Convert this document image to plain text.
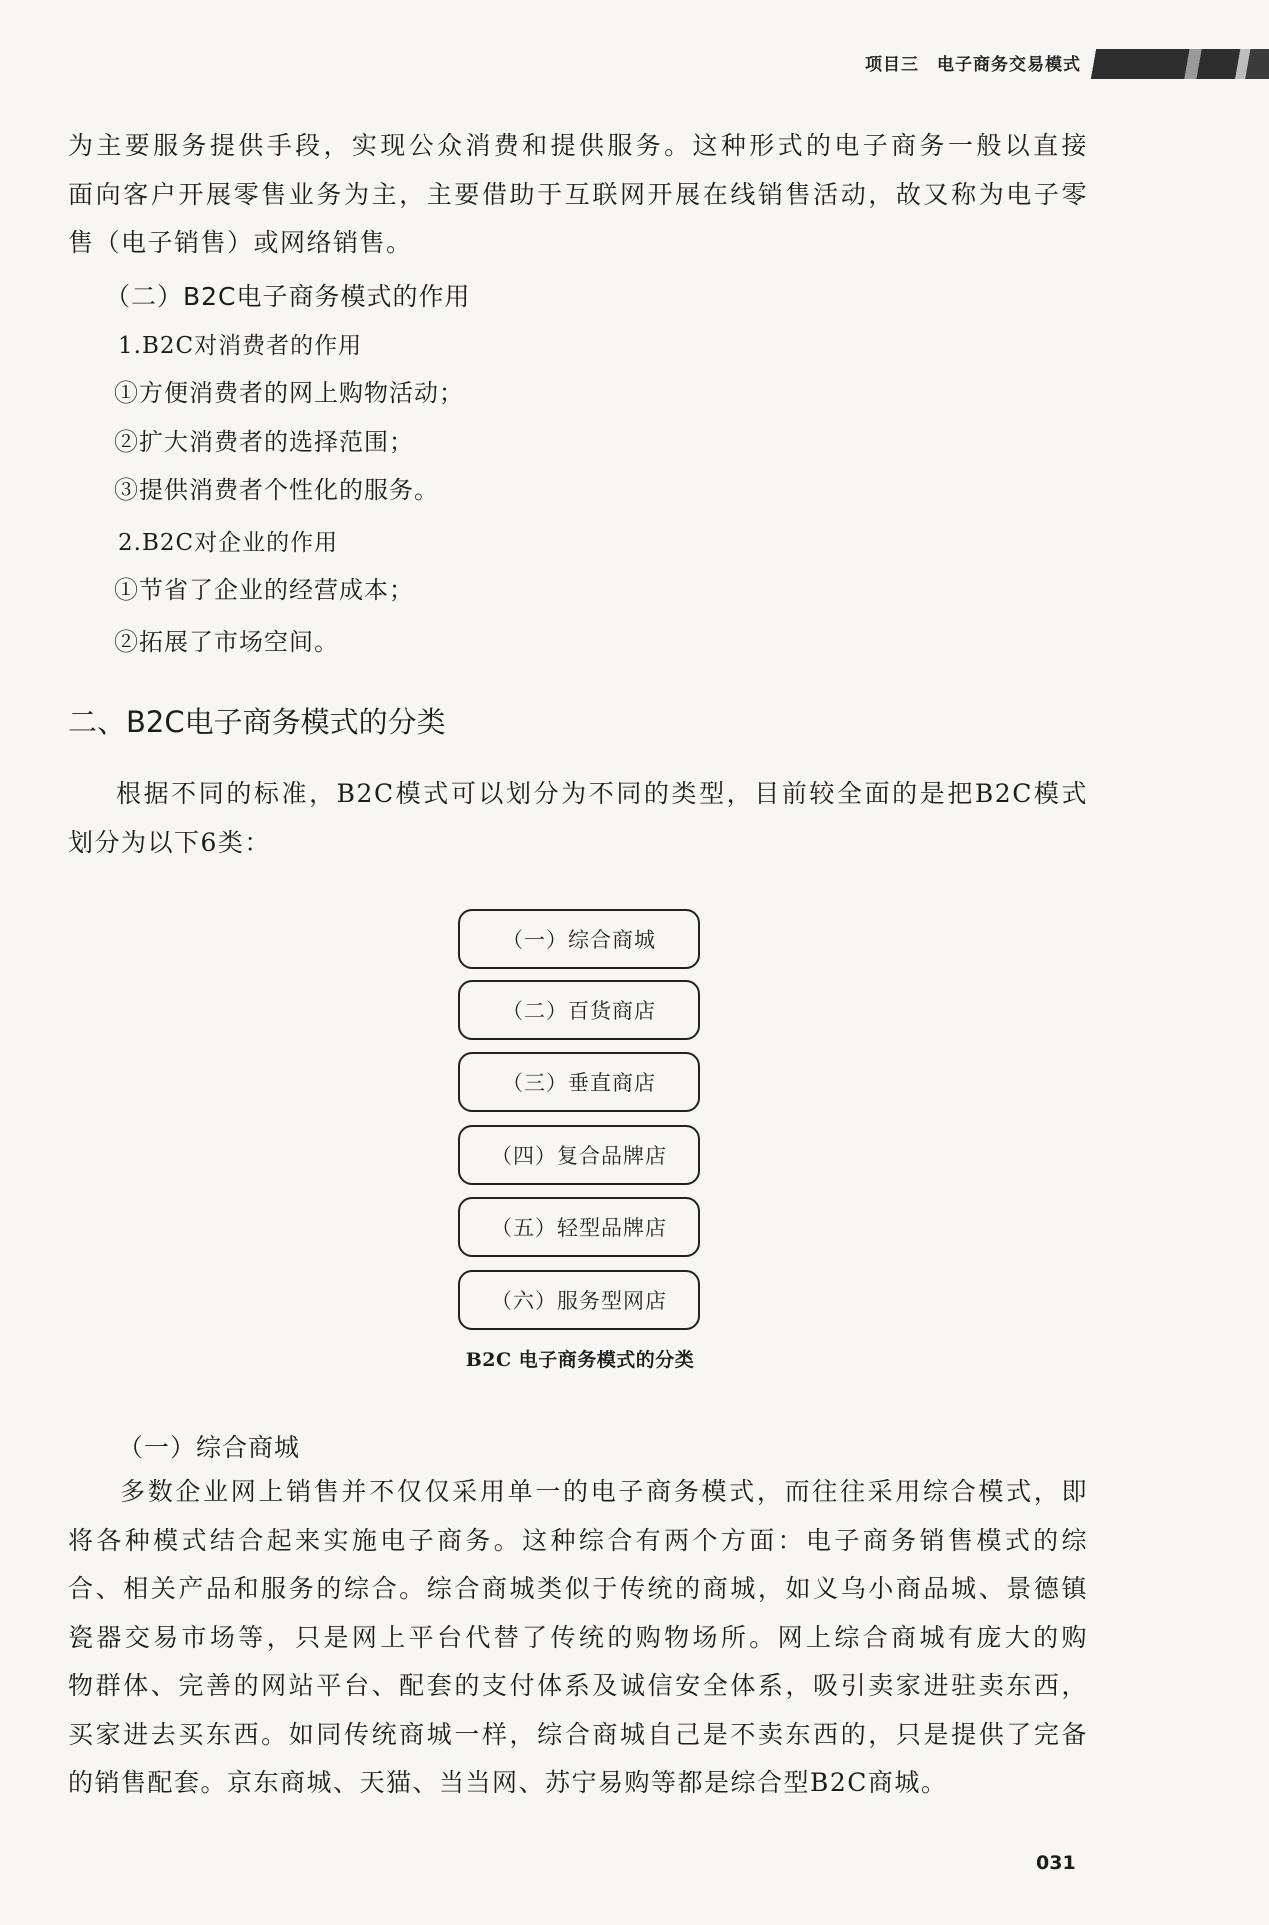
项目三　电子商务交易模式
为主要服务提供手段，实现公众消费和提供服务。这种形式的电子商务一般以直接
面向客户开展零售业务为主，主要借助于互联网开展在线销售活动，故又称为电子零
售（电子销售）或网络销售。
（二）B2C电子商务模式的作用
1.B2C对消费者的作用
①方便消费者的网上购物活动；
②扩大消费者的选择范围；
③提供消费者个性化的服务。
2.B2C对企业的作用
①节省了企业的经营成本；
②拓展了市场空间。
二、B2C电子商务模式的分类
根据不同的标准，B2C模式可以划分为不同的类型，目前较全面的是把B2C模式
划分为以下6类：
（一）综合商城
（二）百货商店
（三）垂直商店
（四）复合品牌店
（五）轻型品牌店
（六）服务型网店
B2C 电子商务模式的分类
（一）综合商城
多数企业网上销售并不仅仅采用单一的电子商务模式，而往往采用综合模式，即
将各种模式结合起来实施电子商务。这种综合有两个方面：电子商务销售模式的综
合、相关产品和服务的综合。综合商城类似于传统的商城，如义乌小商品城、景德镇
瓷器交易市场等，只是网上平台代替了传统的购物场所。网上综合商城有庞大的购
物群体、完善的网站平台、配套的支付体系及诚信安全体系，吸引卖家进驻卖东西，
买家进去买东西。如同传统商城一样，综合商城自己是不卖东西的，只是提供了完备
的销售配套。京东商城、天猫、当当网、苏宁易购等都是综合型B2C商城。
031
